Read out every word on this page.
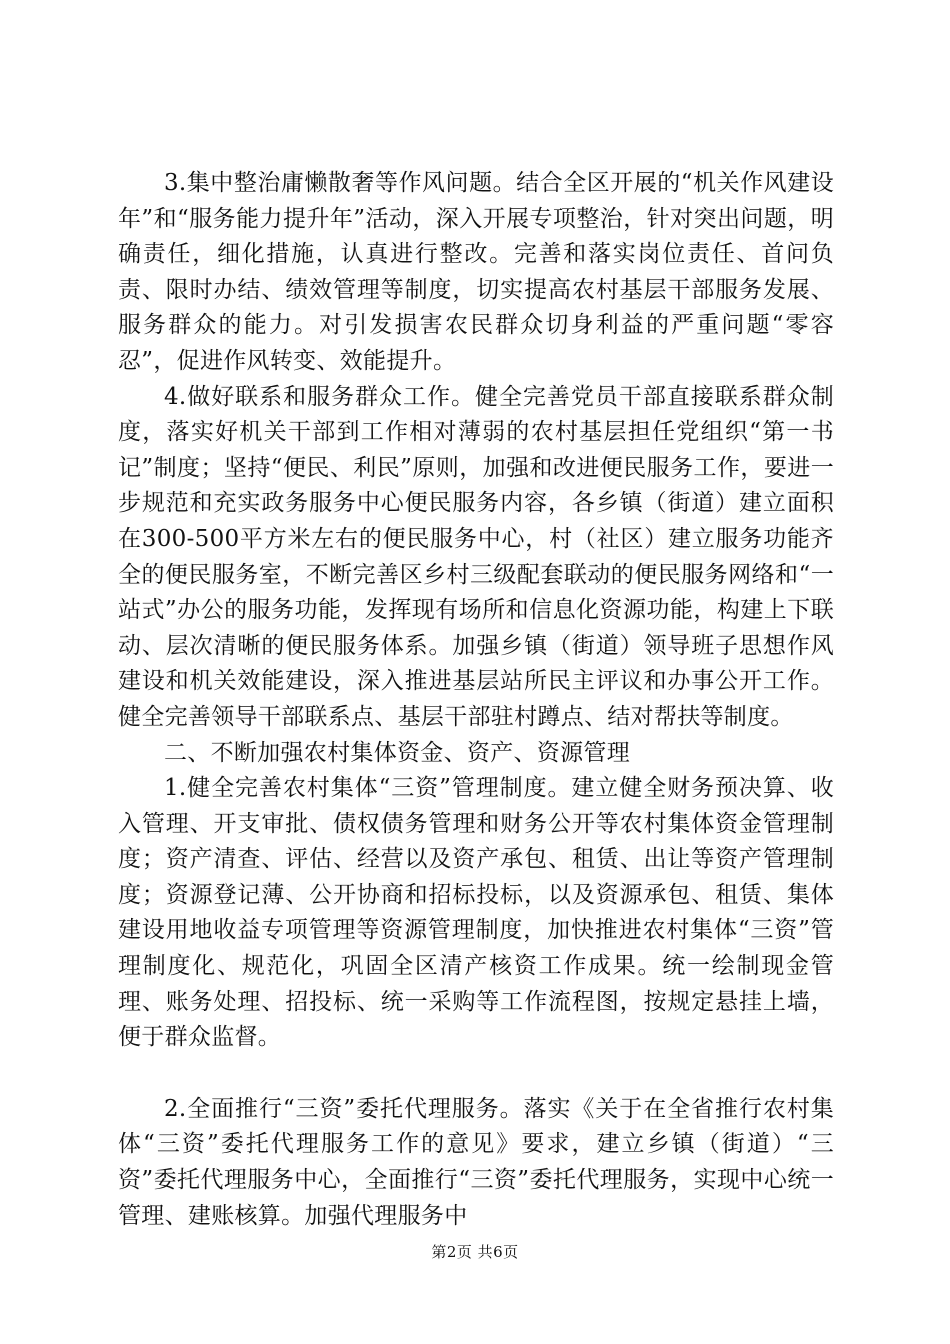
3.集中整治庸懒散奢等作风问题。结合全区开展的“机关作风建设年”和“服务能力提升年”活动，深入开展专项整治，针对突出问题，明确责任，细化措施，认真进行整改。完善和落实岗位责任、首问负责、限时办结、绩效管理等制度，切实提高农村基层干部服务发展、服务群众的能力。对引发损害农民群众切身利益的严重问题“零容忍”，促进作风转变、效能提升。

4.做好联系和服务群众工作。健全完善党员干部直接联系群众制度，落实好机关干部到工作相对薄弱的农村基层担任党组织“第一书记”制度；坚持“便民、利民”原则，加强和改进便民服务工作，要进一步规范和充实政务服务中心便民服务内容，各乡镇（街道）建立面积在300-500平方米左右的便民服务中心，村（社区）建立服务功能齐全的便民服务室，不断完善区乡村三级配套联动的便民服务网络和“一站式”办公的服务功能，发挥现有场所和信息化资源功能，构建上下联动、层次清晰的便民服务体系。加强乡镇（街道）领导班子思想作风建设和机关效能建设，深入推进基层站所民主评议和办事公开工作。健全完善领导干部联系点、基层干部驻村蹲点、结对帮扶等制度。

二、不断加强农村集体资金、资产、资源管理

1.健全完善农村集体“三资”管理制度。建立健全财务预决算、收入管理、开支审批、债权债务管理和财务公开等农村集体资金管理制度；资产清查、评估、经营以及资产承包、租赁、出让等资产管理制度；资源登记薄、公开协商和招标投标，以及资源承包、租赁、集体建设用地收益专项管理等资源管理制度，加快推进农村集体“三资”管理制度化、规范化，巩固全区清产核资工作成果。统一绘制现金管理、账务处理、招投标、统一采购等工作流程图，按规定悬挂上墙，便于群众监督。

2.全面推行“三资”委托代理服务。落实《关于在全省推行农村集体“三资”委托代理服务工作的意见》要求，建立乡镇（街道）“三资”委托代理服务中心，全面推行“三资”委托代理服务，实现中心统一管理、建账核算。加强代理服务中

第2页 共6页
